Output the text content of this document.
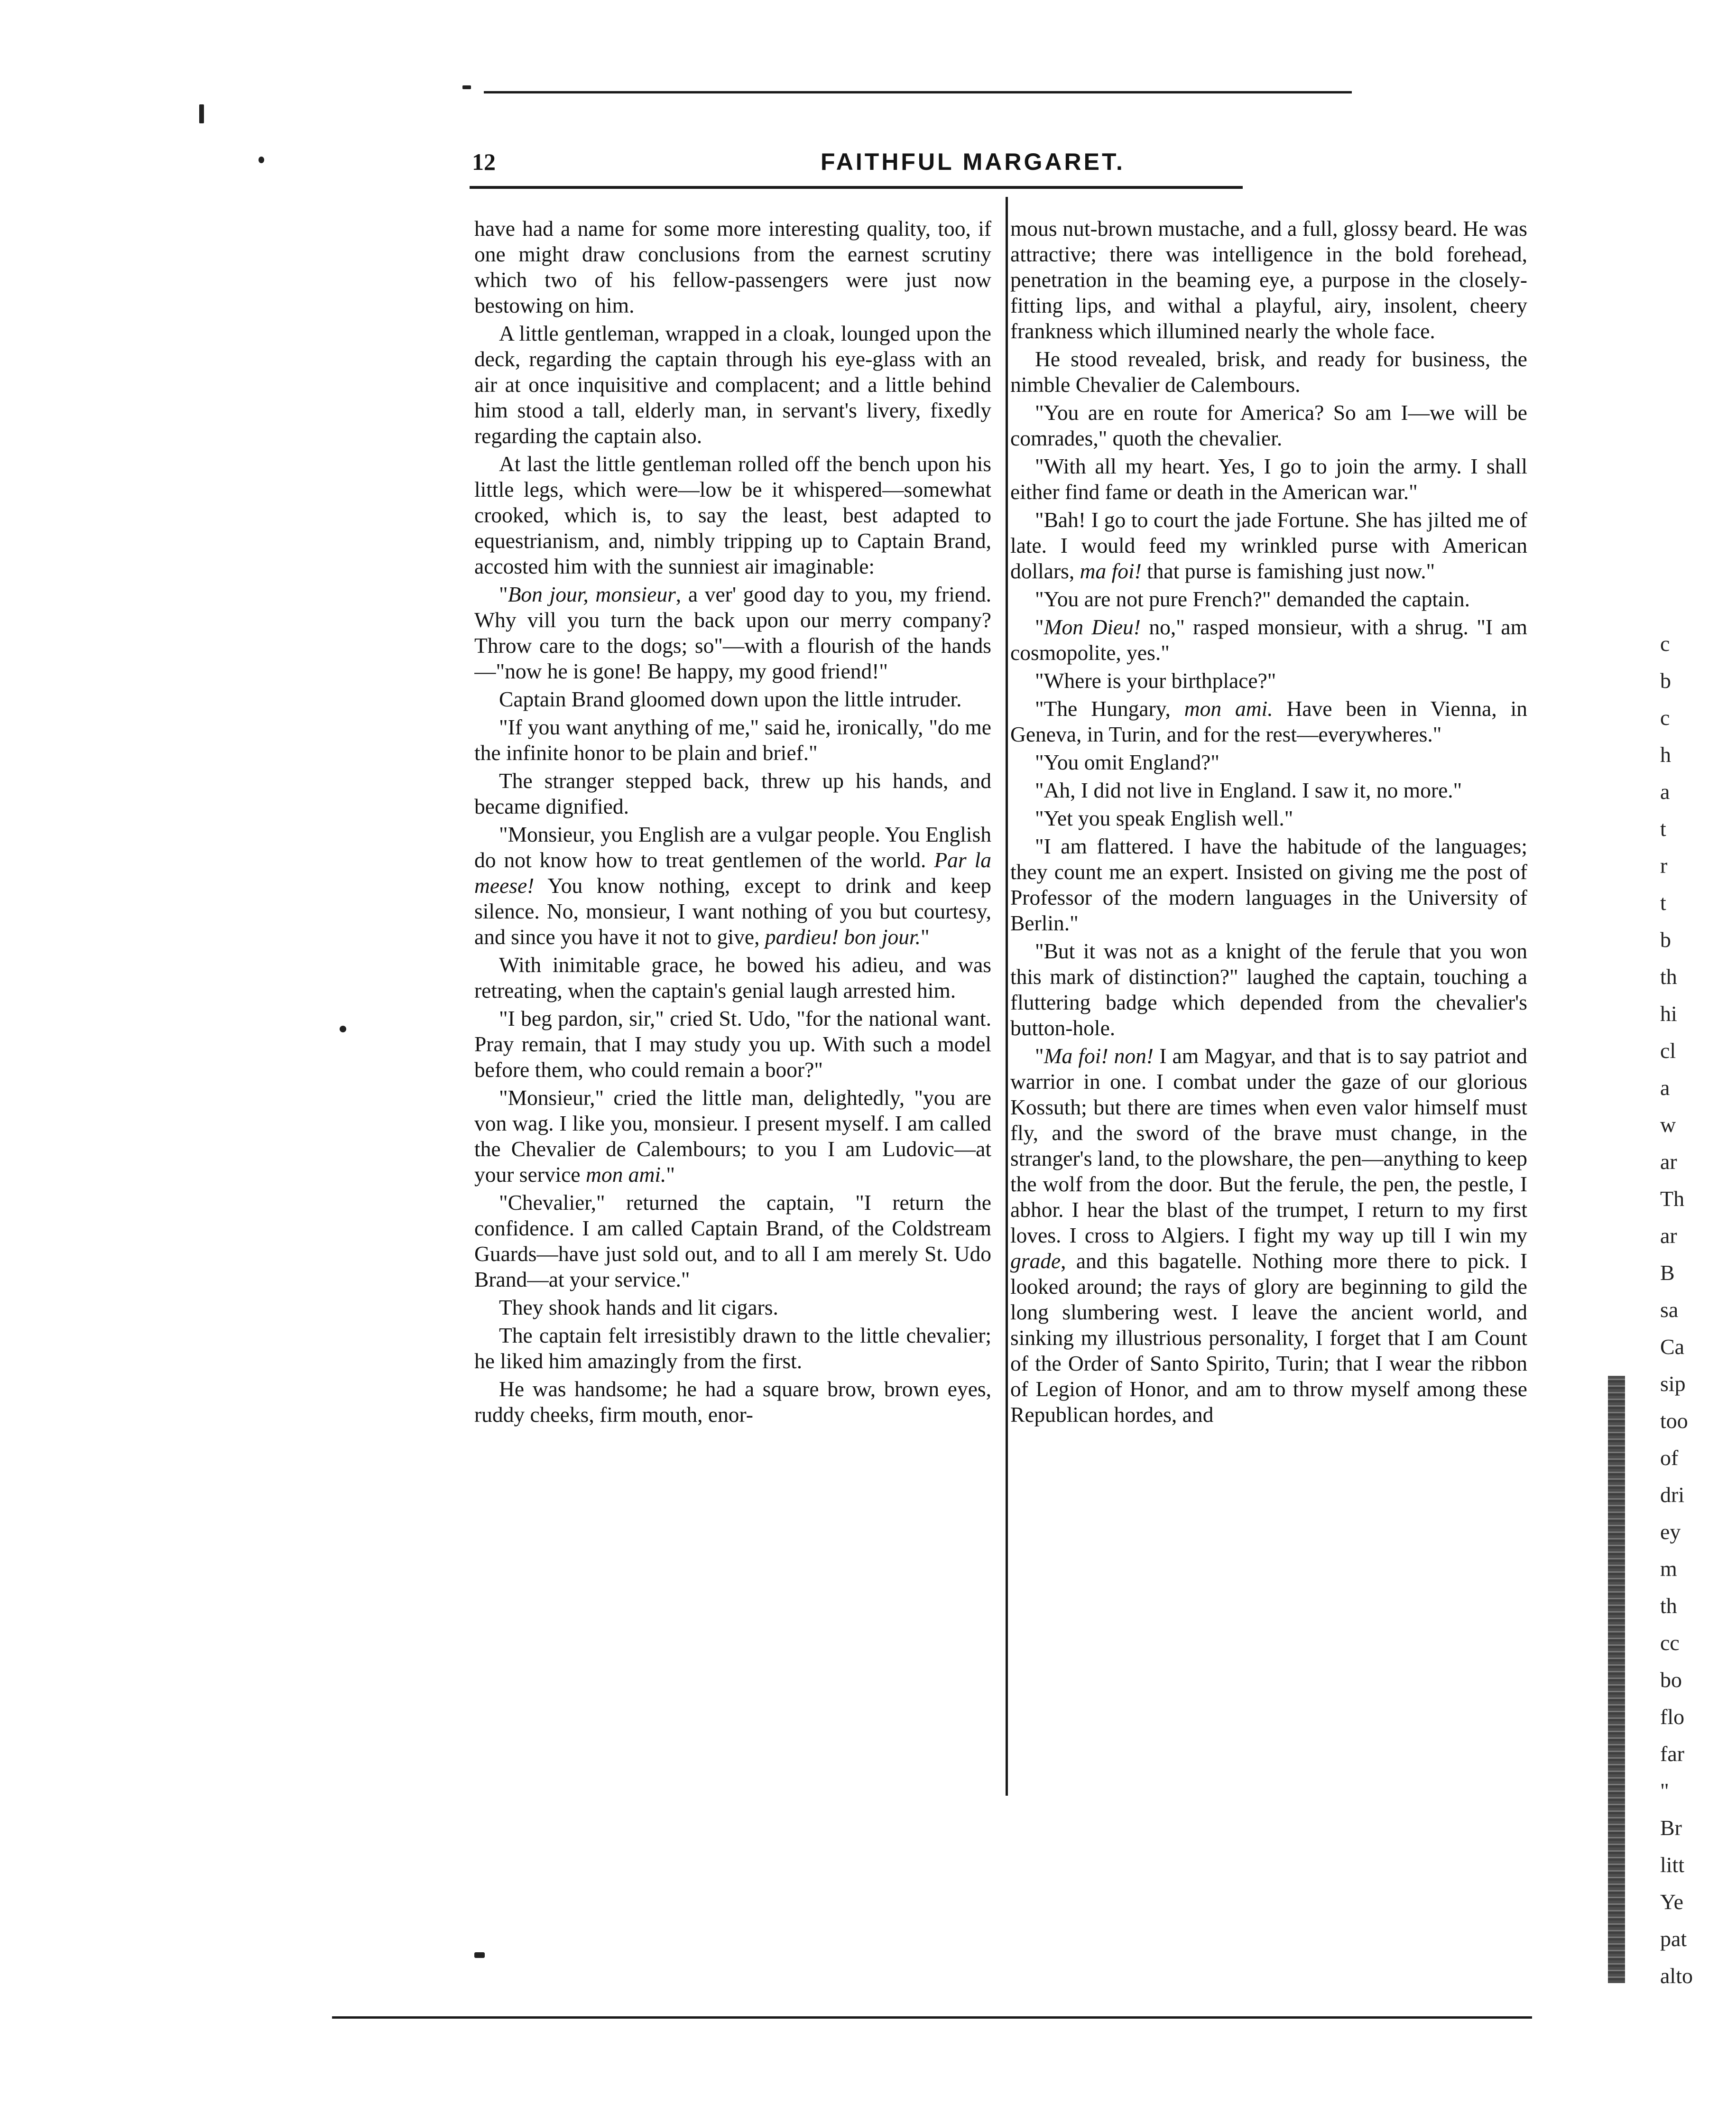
12	FAITHFUL MARGARET.

have had a name for some more interesting quality, too, if one might draw conclusions from the earnest scrutiny which two of his fellow-passengers were just now bestowing on him.

A little gentleman, wrapped in a cloak, lounged upon the deck, regarding the captain through his eye-glass with an air at once inquisitive and complacent; and a little behind him stood a tall, elderly man, in servant's livery, fixedly regarding the captain also.

At last the little gentleman rolled off the bench upon his little legs, which were—low be it whispered—somewhat crooked, which is, to say the least, best adapted to equestrianism, and, nimbly tripping up to Captain Brand, accosted him with the sunniest air imaginable:

"Bon jour, monsieur, a ver' good day to you, my friend. Why vill you turn the back upon our merry company? Throw care to the dogs; so"—with a flourish of the hands—"now he is gone! Be happy, my good friend!"

Captain Brand gloomed down upon the little intruder.

"If you want anything of me," said he, ironically, "do me the infinite honor to be plain and brief."

The stranger stepped back, threw up his hands, and became dignified.

"Monsieur, you English are a vulgar people. You English do not know how to treat gentlemen of the world. Par la meese! You know nothing, except to drink and keep silence. No, monsieur, I want nothing of you but courtesy, and since you have it not to give, pardieu! bon jour."

With inimitable grace, he bowed his adieu, and was retreating, when the captain's genial laugh arrested him.

"I beg pardon, sir," cried St. Udo, "for the national want. Pray remain, that I may study you up. With such a model before them, who could remain a boor?"

"Monsieur," cried the little man, delightedly, "you are von wag. I like you, monsieur. I present myself. I am called the Chevalier de Calembours; to you I am Ludovic—at your service mon ami."

"Chevalier," returned the captain, "I return the confidence. I am called Captain Brand, of the Coldstream Guards—have just sold out, and to all I am merely St. Udo Brand—at your service."

They shook hands and lit cigars.

The captain felt irresistibly drawn to the little chevalier; he liked him amazingly from the first.

He was handsome; he had a square brow, brown eyes, ruddy cheeks, firm mouth, enor-

mous nut-brown mustache, and a full, glossy beard. He was attractive; there was intelligence in the bold forehead, penetration in the beaming eye, a purpose in the closely-fitting lips, and withal a playful, airy, insolent, cheery frankness which illumined nearly the whole face.

He stood revealed, brisk, and ready for business, the nimble Chevalier de Calembours.

"You are en route for America? So am I—we will be comrades," quoth the chevalier.

"With all my heart. Yes, I go to join the army. I shall either find fame or death in the American war."

"Bah! I go to court the jade Fortune. She has jilted me of late. I would feed my wrinkled purse with American dollars, ma foi! that purse is famishing just now."

"You are not pure French?" demanded the captain.

"Mon Dieu! no," rasped monsieur, with a shrug. "I am cosmopolite, yes."

"Where is your birthplace?"

"The Hungary, mon ami. Have been in Vienna, in Geneva, in Turin, and for the rest—everywheres."

"You omit England?"

"Ah, I did not live in England. I saw it, no more."

"Yet you speak English well."

"I am flattered. I have the habitude of the languages; they count me an expert. Insisted on giving me the post of Professor of the modern languages in the University of Berlin."

"But it was not as a knight of the ferule that you won this mark of distinction?" laughed the captain, touching a fluttering badge which depended from the chevalier's button-hole.

"Ma foi! non! I am Magyar, and that is to say patriot and warrior in one. I combat under the gaze of our glorious Kossuth; but there are times when even valor himself must fly, and the sword of the brave must change, in the stranger's land, to the plowshare, the pen—anything to keep the wolf from the door. But the ferule, the pen, the pestle, I abhor. I hear the blast of the trumpet, I return to my first loves. I cross to Algiers. I fight my way up till I win my grade, and this bagatelle. Nothing more there to pick. I looked around; the rays of glory are beginning to gild the long slumbering west. I leave the ancient world, and sinking my illustrious personality, I forget that I am Count of the Order of Santo Spirito, Turin; that I wear the ribbon of Legion of Honor, and am to throw myself among these Republican hordes, and

c
b
c
h
a
t
r
t
b
th
hi
cl
a
w
ar
Th
ar
B
sa
Ca
sip
too
of
dri
ey
m
th
cc
bo
flo
far
"
Br
litt
Ye
pat
alto
